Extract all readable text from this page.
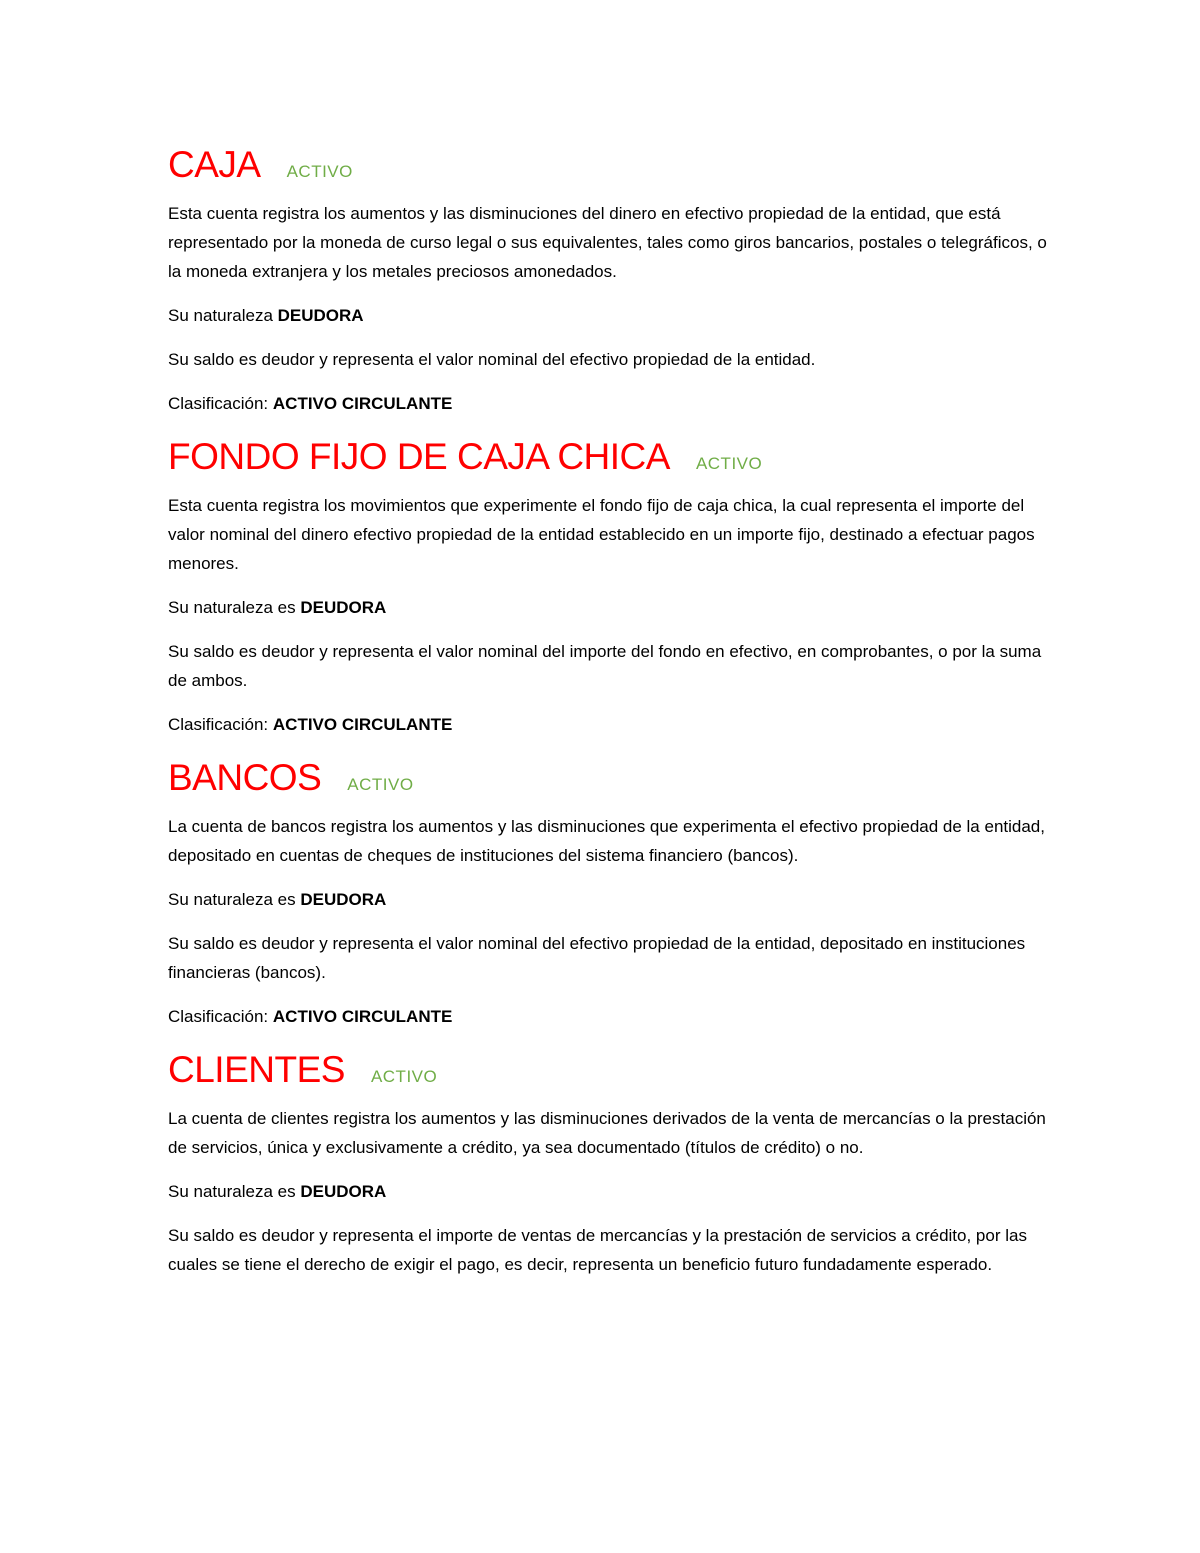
CAJA ACTIVO

Esta cuenta registra los aumentos y las disminuciones del dinero en efectivo propiedad de la entidad, que está representado por la moneda de curso legal o sus equivalentes, tales como giros bancarios, postales o telegráficos, o la moneda extranjera y los metales preciosos amonedados.

Su naturaleza DEUDORA

Su saldo es deudor y representa el valor nominal del efectivo propiedad de la entidad.

Clasificación: ACTIVO CIRCULANTE

FONDO FIJO DE CAJA CHICA ACTIVO

Esta cuenta registra los movimientos que experimente el fondo fijo de caja chica, la cual representa el importe del valor nominal del dinero efectivo propiedad de la entidad establecido en un importe fijo, destinado a efectuar pagos menores.

Su naturaleza es DEUDORA

Su saldo es deudor y representa el valor nominal del importe del fondo en efectivo, en comprobantes, o por la suma de ambos.

Clasificación: ACTIVO CIRCULANTE

BANCOS ACTIVO

La cuenta de bancos registra los aumentos y las disminuciones que experimenta el efectivo propiedad de la entidad, depositado en cuentas de cheques de instituciones del sistema financiero (bancos).

Su naturaleza es DEUDORA

Su saldo es deudor y representa el valor nominal del efectivo propiedad de la entidad, depositado en instituciones financieras (bancos).

Clasificación: ACTIVO CIRCULANTE

CLIENTES ACTIVO

La cuenta de clientes registra los aumentos y las disminuciones derivados de la venta de mercancías o la prestación de servicios, única y exclusivamente a crédito, ya sea documentado (títulos de crédito) o no.

Su naturaleza es DEUDORA

Su saldo es deudor y representa el importe de ventas de mercancías y la prestación de servicios a crédito, por las cuales se tiene el derecho de exigir el pago, es decir, representa un beneficio futuro fundadamente esperado.
